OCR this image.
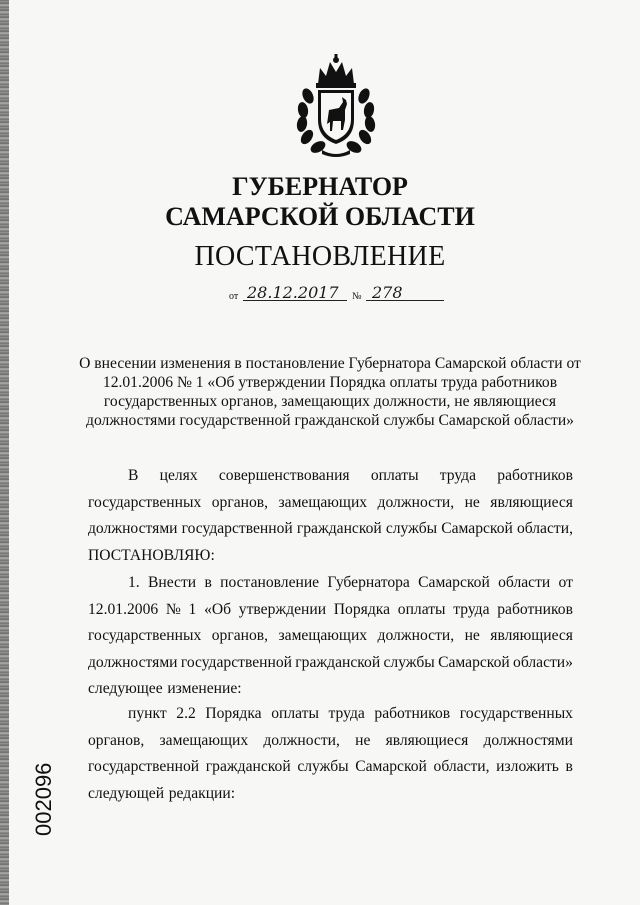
ГУБЕРНАТОР
САМАРСКОЙ ОБЛАСТИ
ПОСТАНОВЛЕНИЕ
от 28.12.2017 № 278
О внесении изменения в постановление Губернатора Самарской области от
12.01.2006 № 1 «Об утверждении Порядка оплаты труда работников
государственных органов, замещающих должности, не являющиеся
должностями государственной гражданской службы Самарской области»
В целях совершенствования оплаты труда работников
государственных органов, замещающих должности, не являющиеся
должностями государственной гражданской службы Самарской области,
ПОСТАНОВЛЯЮ:
1. Внести в постановление Губернатора Самарской области от
12.01.2006 № 1 «Об утверждении Порядка оплаты труда работников
государственных органов, замещающих должности, не являющиеся
должностями государственной гражданской службы Самарской области»
следующее изменение:
пункт 2.2 Порядка оплаты труда работников государственных
органов, замещающих должности, не являющиеся должностями
государственной гражданской службы Самарской области, изложить в
следующей редакции:
002096
